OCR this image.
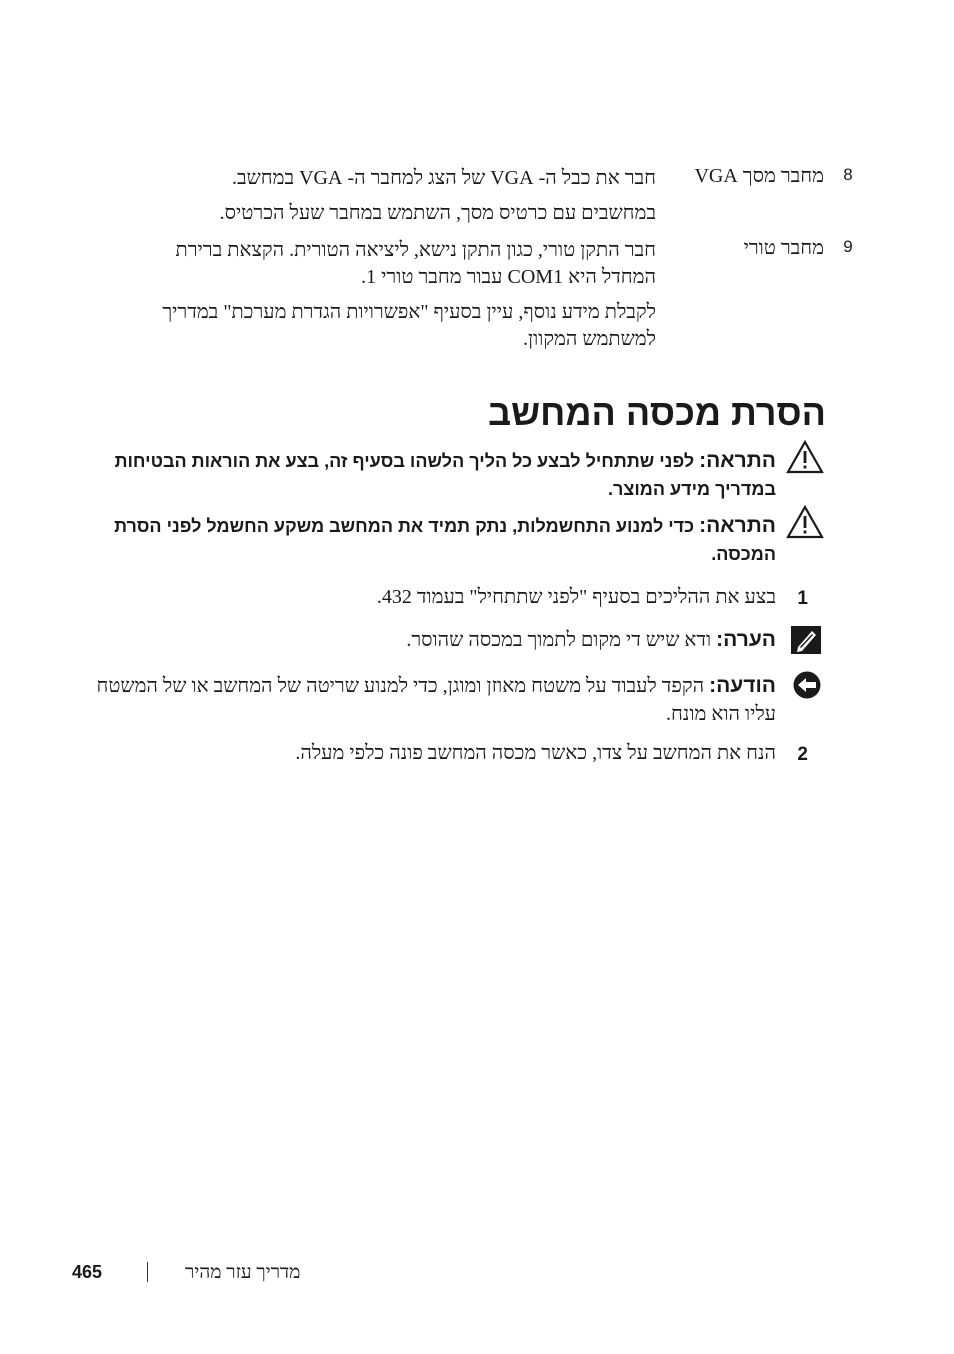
8
מחבר מסך VGA
חבר את כבל ה- VGA של הצג למחבר ה- VGA במחשב.
במחשבים עם כרטיס מסך, השתמש במחבר שעל הכרטיס.
9
מחבר טורי
חבר התקן טורי, כגון התקן נישא, ליציאה הטורית. הקצאת ברירת המחדל היא COM1 עבור מחבר טורי 1.
לקבלת מידע נוסף, עיין בסעיף "אפשרויות הגדרת מערכת" במדריך למשתמש המקוון.
הסרת מכסה המחשב
התראה: לפני שתתחיל לבצע כל הליך הלשהו בסעיף זה, בצע את הוראות הבטיחות במדריך מידע המוצר.
התראה: כדי למנוע התחשמלות, נתק תמיד את המחשב משקע החשמל לפני הסרת המכסה.
1
בצע את ההליכים בסעיף "לפני שתתחיל" בעמוד 432.
הערה: ודא שיש די מקום לתמוך במכסה שהוסר.
הודעה: הקפד לעבוד על משטח מאוזן ומוגן, כדי למנוע שריטה של המחשב או של המשטח עליו הוא מונח.
2
הנח את המחשב על צדו, כאשר מכסה המחשב פונה כלפי מעלה.
465	מדריך עזר מהיר
